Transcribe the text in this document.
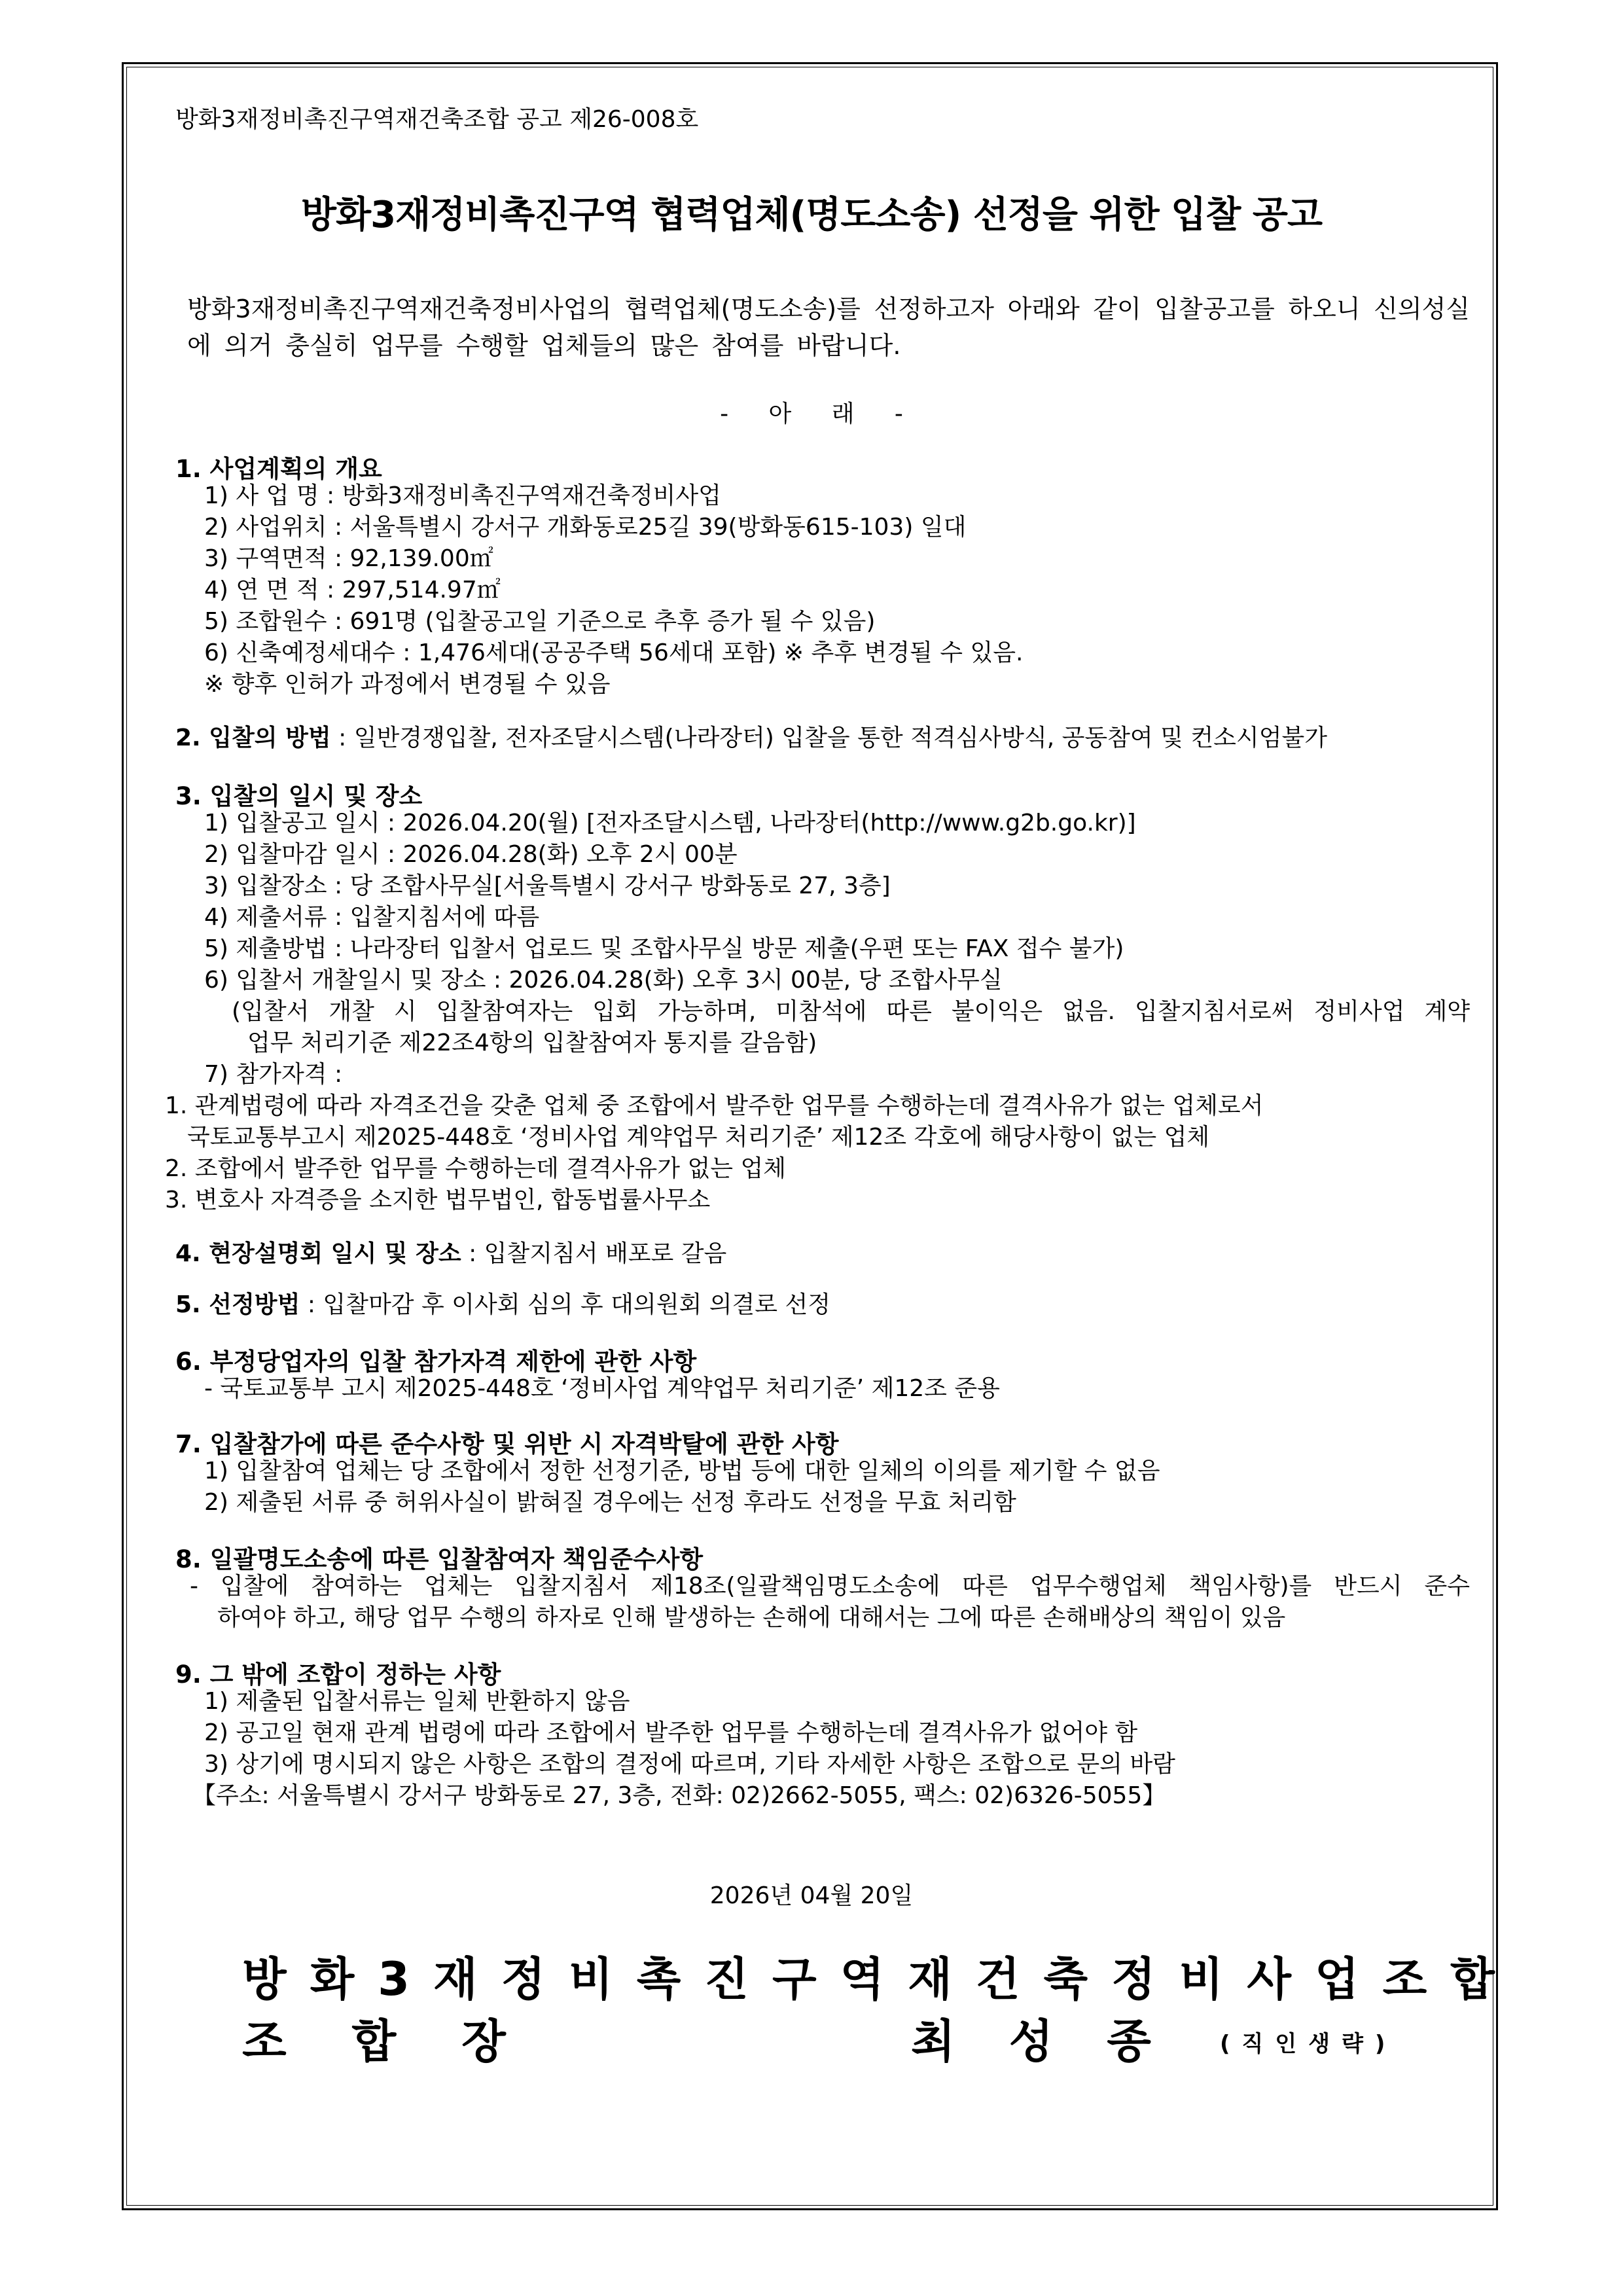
방화3재정비촉진구역재건축조합 공고 제26-008호
방화3재정비촉진구역 협력업체(명도소송) 선정을 위한 입찰 공고
방화3재정비촉진구역재건축정비사업의 협력업체(명도소송)를 선정하고자 아래와 같이 입찰공고를 하오니 신의성실에 의거 충실히 업무를 수행할 업체들의 많은 참여를 바랍니다.
- 아 래 -
1. 사업계획의 개요
1) 사 업 명 : 방화3재정비촉진구역재건축정비사업
2) 사업위치 : 서울특별시 강서구 개화동로25길 39(방화동615-103) 일대
3) 구역면적 : 92,139.00㎡
4) 연 면 적 : 297,514.97㎡
5) 조합원수 : 691명 (입찰공고일 기준으로 추후 증가 될 수 있음)
6) 신축예정세대수 : 1,476세대(공공주택 56세대 포함) ※ 추후 변경될 수 있음.
※ 향후 인허가 과정에서 변경될 수 있음
2. 입찰의 방법 : 일반경쟁입찰, 전자조달시스템(나라장터) 입찰을 통한 적격심사방식, 공동참여 및 컨소시엄불가
3. 입찰의 일시 및 장소
1) 입찰공고 일시 : 2026.04.20(월) [전자조달시스템, 나라장터(http://www.g2b.go.kr)]
2) 입찰마감 일시 : 2026.04.28(화) 오후 2시 00분
3) 입찰장소 : 당 조합사무실[서울특별시 강서구 방화동로 27, 3층]
4) 제출서류 : 입찰지침서에 따름
5) 제출방법 : 나라장터 입찰서 업로드 및 조합사무실 방문 제출(우편 또는 FAX 접수 불가)
6) 입찰서 개찰일시 및 장소 : 2026.04.28(화) 오후 3시 00분, 당 조합사무실
(입찰서 개찰 시 입찰참여자는 입회 가능하며, 미참석에 따른 불이익은 없음. 입찰지침서로써 정비사업 계약
업무 처리기준 제22조4항의 입찰참여자 통지를 갈음함)
7) 참가자격 :
1. 관계법령에 따라 자격조건을 갖춘 업체 중 조합에서 발주한 업무를 수행하는데 결격사유가 없는 업체로서
국토교통부고시 제2025-448호 ‘정비사업 계약업무 처리기준’ 제12조 각호에 해당사항이 없는 업체
2. 조합에서 발주한 업무를 수행하는데 결격사유가 없는 업체
3. 변호사 자격증을 소지한 법무법인, 합동법률사무소
4. 현장설명회 일시 및 장소 : 입찰지침서 배포로 갈음
5. 선정방법 : 입찰마감 후 이사회 심의 후 대의원회 의결로 선정
6. 부정당업자의 입찰 참가자격 제한에 관한 사항
- 국토교통부 고시 제2025-448호 ‘정비사업 계약업무 처리기준’ 제12조 준용
7. 입찰참가에 따른 준수사항 및 위반 시 자격박탈에 관한 사항
1) 입찰참여 업체는 당 조합에서 정한 선정기준, 방법 등에 대한 일체의 이의를 제기할 수 없음
2) 제출된 서류 중 허위사실이 밝혀질 경우에는 선정 후라도 선정을 무효 처리함
8. 일괄명도소송에 따른 입찰참여자 책임준수사항
- 입찰에 참여하는 업체는 입찰지침서 제18조(일괄책임명도소송에 따른 업무수행업체 책임사항)를 반드시 준수
하여야 하고, 해당 업무 수행의 하자로 인해 발생하는 손해에 대해서는 그에 따른 손해배상의 책임이 있음
9. 그 밖에 조합이 정하는 사항
1) 제출된 입찰서류는 일체 반환하지 않음
2) 공고일 현재 관계 법령에 따라 조합에서 발주한 업무를 수행하는데 결격사유가 없어야 함
3) 상기에 명시되지 않은 사항은 조합의 결정에 따르며, 기타 자세한 사항은 조합으로 문의 바람
【주소: 서울특별시 강서구 방화동로 27, 3층, 전화: 02)2662-5055, 팩스: 02)6326-5055】
2026년 04월 20일
방화3재정비촉진구역재건축정비사업조합
조합장	최성종 (직인생략)
